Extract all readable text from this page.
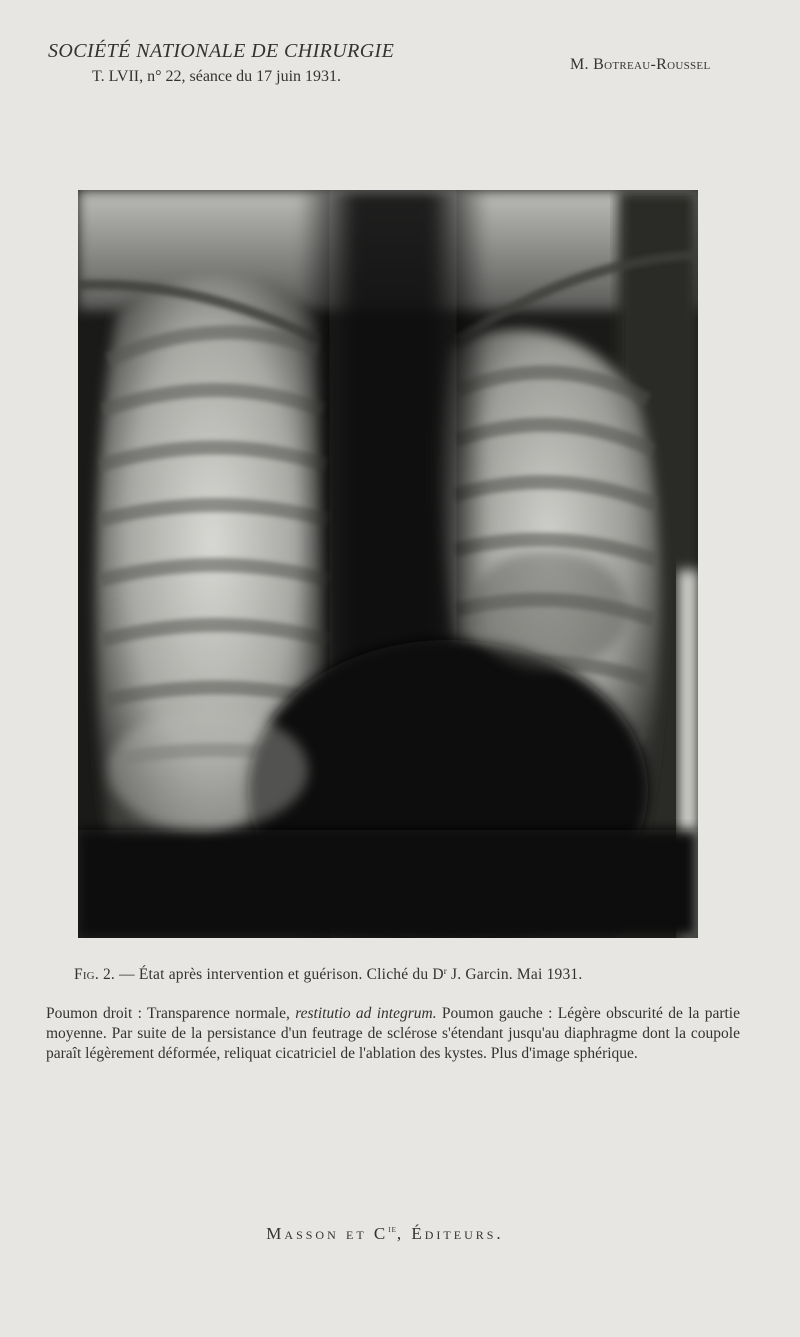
SOCIÉTÉ NATIONALE DE CHIRURGIE
T. LVII, n° 22, séance du 17 juin 1931.
M. Botreau-Roussel
Fig. 2. — État après intervention et guérison. Cliché du $D^r$ J. Garcin. Mai 1931.
Poumon droit : Transparence normale, restitutio ad integrum. Poumon gauche : Légère obscurité de la partie moyenne. Par suite de la persistance d'un feutrage de sclérose s'étendant jusqu'au diaphragme dont la coupole paraît légèrement déformée, reliquat cicatriciel de l'ablation des kystes. Plus d'image sphérique.
Masson et $C^{ie}$, Éditeurs.
